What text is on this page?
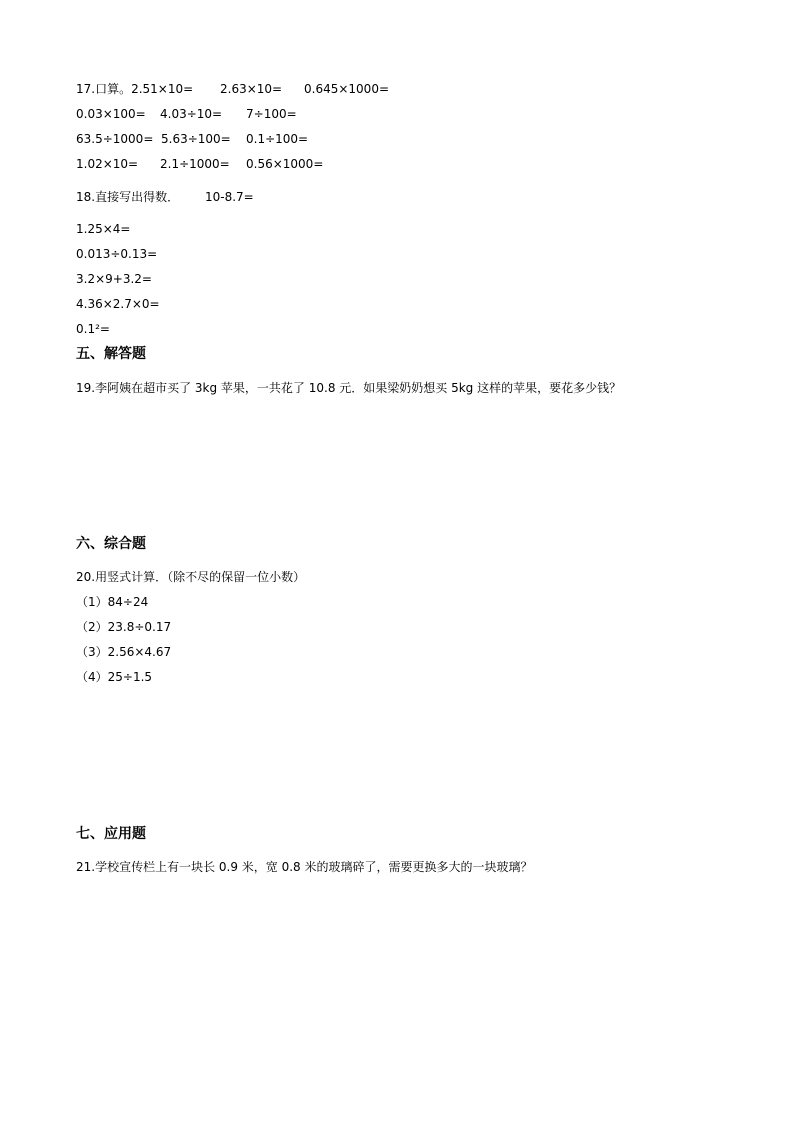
17.口算。2.51×10= 2.63×10= 0.645×1000=
0.03×100= 4.03÷10= 7÷100=
63.5÷1000= 5.63÷100= 0.1÷100=
1.02×10= 2.1÷1000= 0.56×1000=
18.直接写出得数． 10-8.7=
1.25×4=
0.013÷0.13=
3.2×9+3.2=
4.36×2.7×0=
0.1²=
五、解答题
19.李阿姨在超市买了 3kg 苹果，一共花了 10.8 元．如果梁奶奶想买 5kg 这样的苹果，要花多少钱？
六、综合题
20.用竖式计算．（除不尽的保留一位小数）
（1）84÷24
（2）23.8÷0.17
（3）2.56×4.67
（4）25÷1.5
七、应用题
21.学校宣传栏上有一块长 0.9 米，宽 0.8 米的玻璃碎了，需要更换多大的一块玻璃？
